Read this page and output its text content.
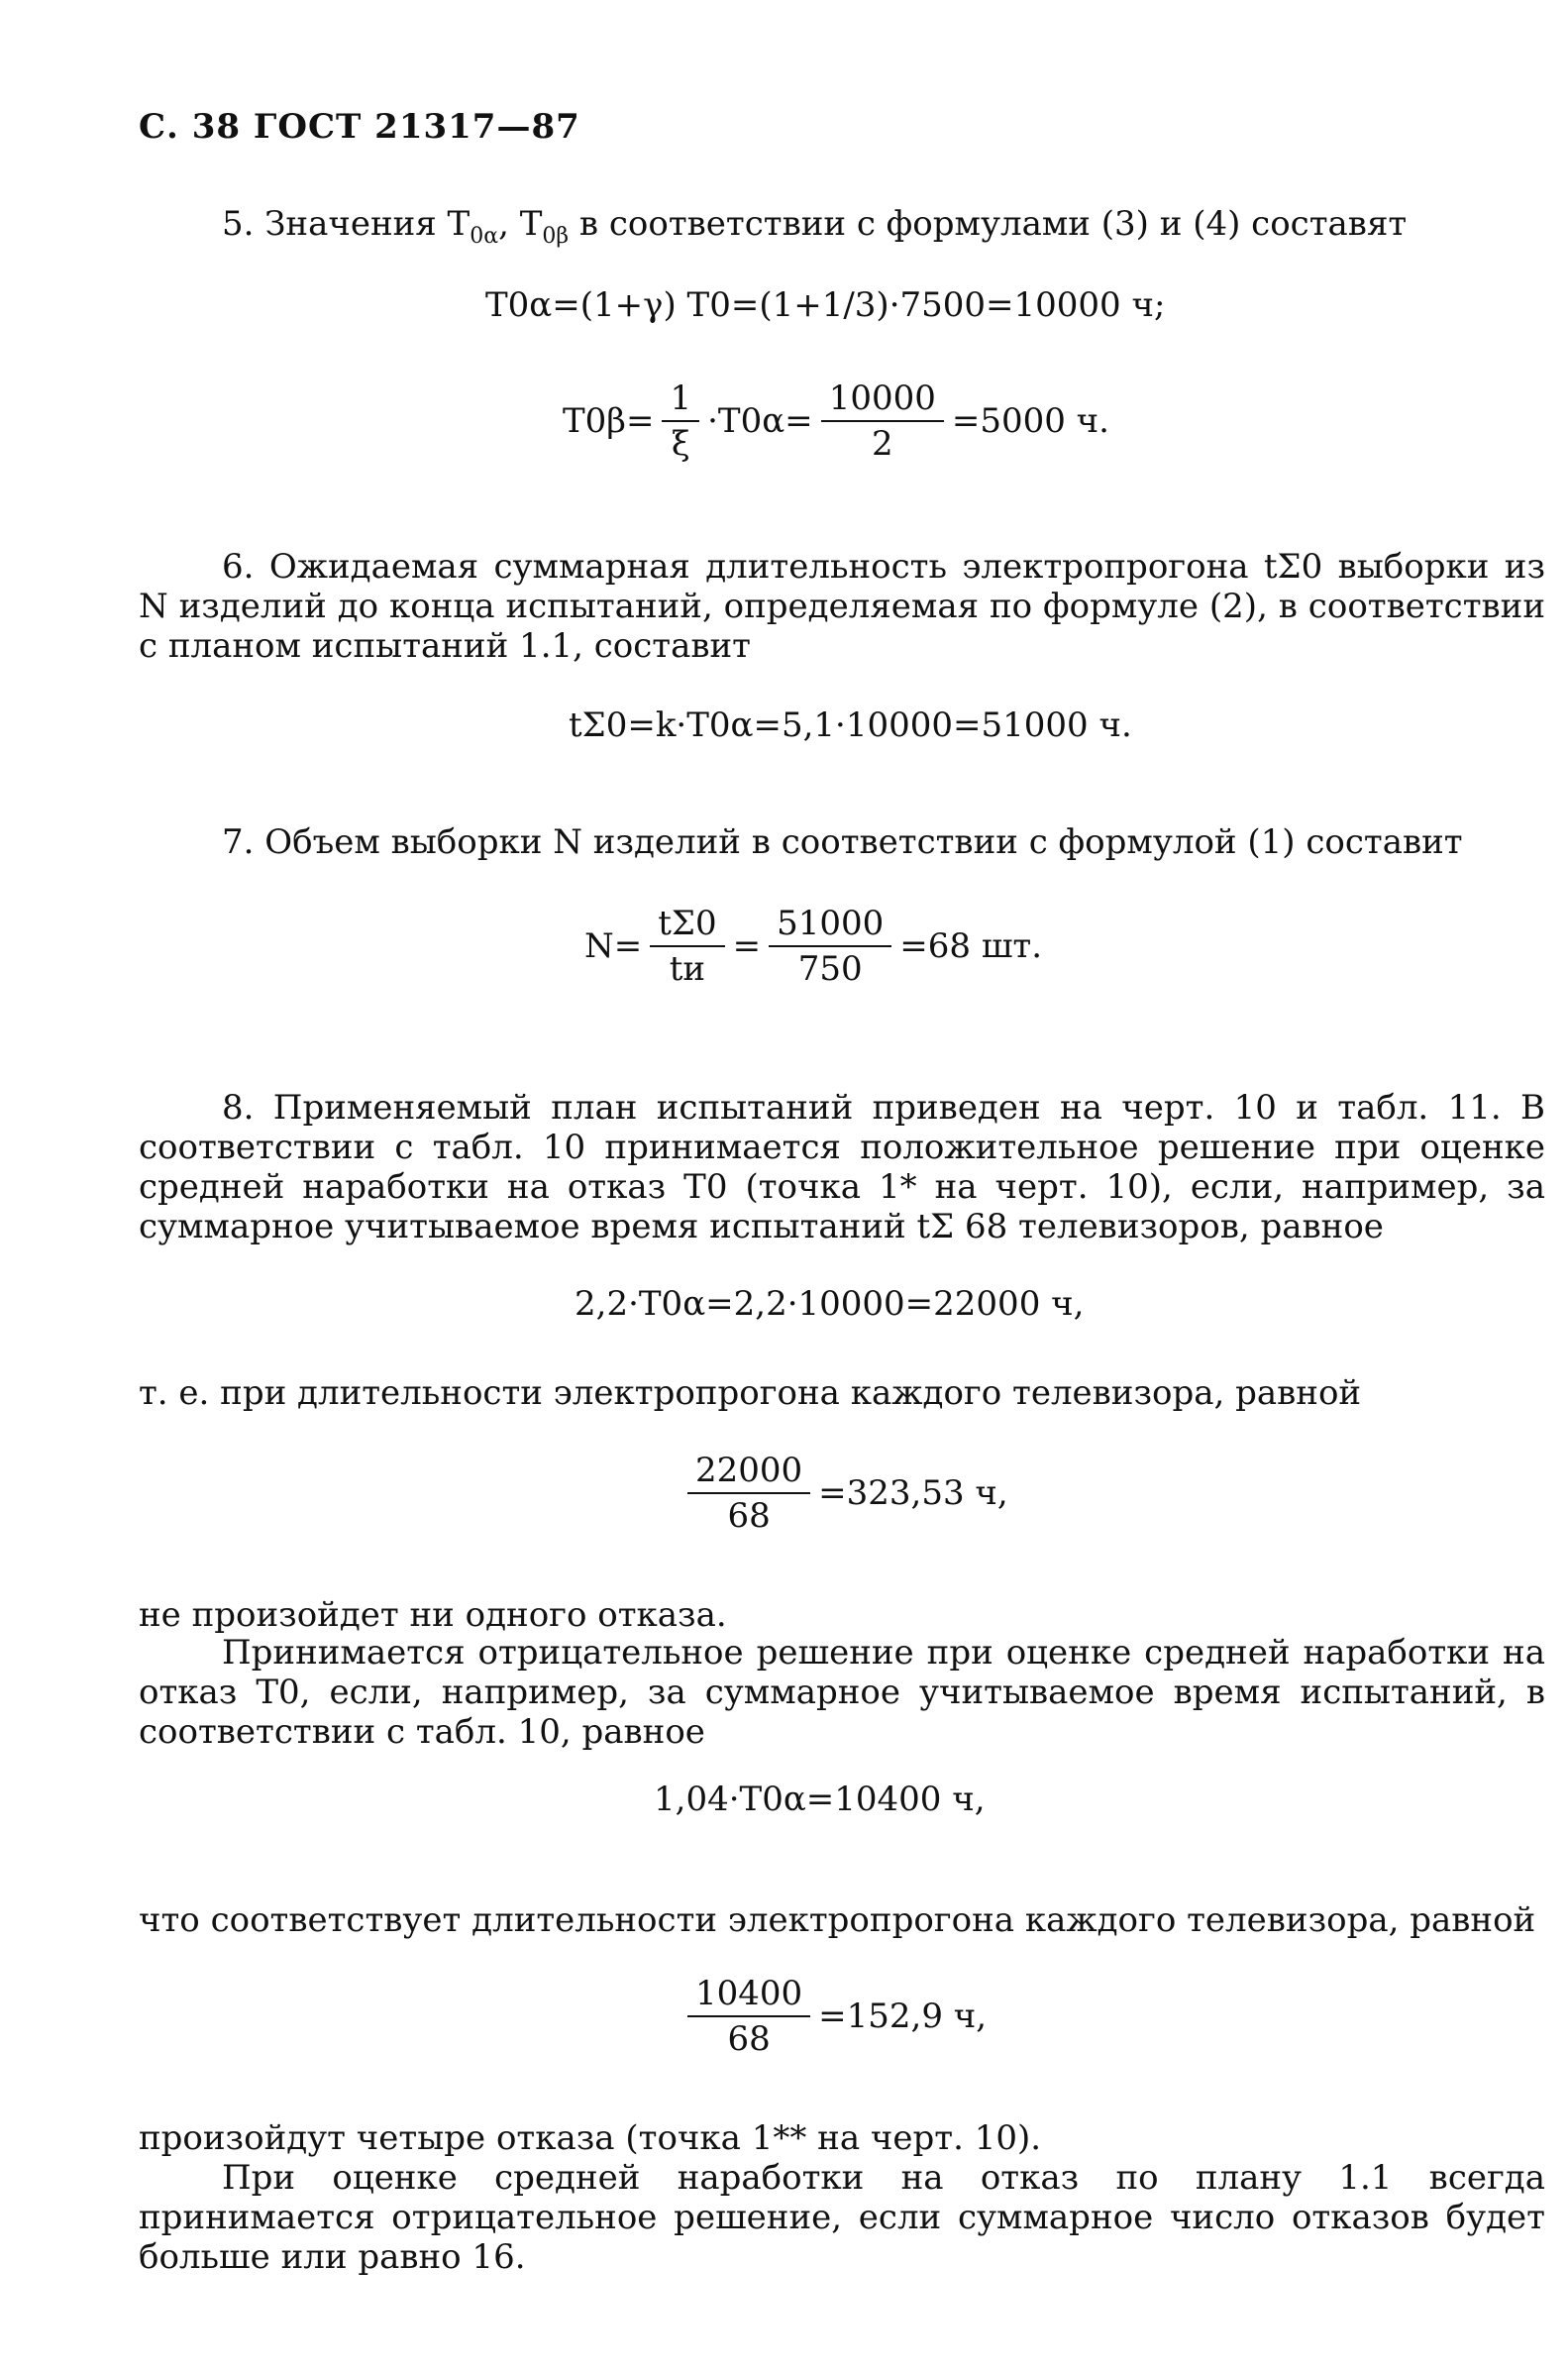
С. 38 ГОСТ 21317—87
5. Значения $T_{0\alpha}$, $T_{0\beta}$ в соответствии с формулами (3) и (4) составят
T0α=(1+γ) T0=(1+1/3)·7500=10000 ч;
$T0\beta= \frac{1}{\xi} \cdot T0\alpha= \frac{10000}{2} =5000$ ч.
6. Ожидаемая суммарная длительность электропрогона tΣ0 выборки из N изделий до конца испытаний, определяемая по формуле (2), в соответствии с планом испытаний 1.1, составит
tΣ0=k·T0α=5,1·10000=51000 ч.
7. Объем выборки N изделий в соответствии с формулой (1) составит
$N= \frac{t\Sigma 0}{tи} = \frac{51000}{750} =68$ шт.
8. Применяемый план испытаний приведен на черт. 10 и табл. 11. В соответствии с табл. 10 принимается положительное решение при оценке средней наработки на отказ T0 (точка 1* на черт. 10), если, например, за суммарное учитываемое время испытаний tΣ 68 телевизоров, равное
2,2·T0α=2,2·10000=22000 ч,
т. е. при длительности электропрогона каждого телевизора, равной
$\frac{22000}{68} =323,53$ ч,
не произойдет ни одного отказа.
Принимается отрицательное решение при оценке средней наработки на отказ T0, если, например, за суммарное учитываемое время испытаний, в соответствии с табл. 10, равное
1,04·T0α=10400 ч,
что соответствует длительности электропрогона каждого телевизора, равной
$\frac{10400}{68} =152,9$ ч,
произойдут четыре отказа (точка 1** на черт. 10).
При оценке средней наработки на отказ по плану 1.1 всегда принимается отрицательное решение, если суммарное число отказов будет больше или равно 16.
